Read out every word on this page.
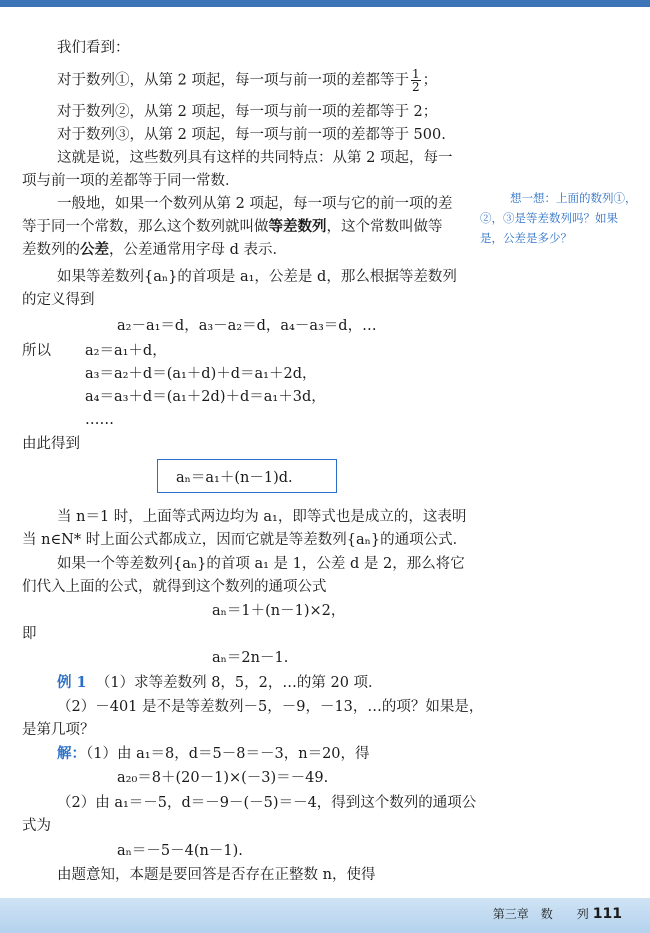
我们看到：
对于数列①，从第 2 项起，每一项与前一项的差都等于 $\frac{1}{2}$ ；
对于数列②，从第 2 项起，每一项与前一项的差都等于 2；
对于数列③，从第 2 项起，每一项与前一项的差都等于 500.
这就是说，这些数列具有这样的共同特点：从第 2 项起，每一
项与前一项的差都等于同一常数．
一般地，如果一个数列从第 2 项起，每一项与它的前一项的差
等于同一个常数，那么这个数列就叫做等差数列，这个常数叫做等
差数列的公差，公差通常用字母 d 表示．
如果等差数列{aₙ}的首项是 a₁，公差是 d，那么根据等差数列
的定义得到
a₂－a₁＝d，a₃－a₂＝d，a₄－a₃＝d，…
所以 a₂＝a₁＋d，
a₃＝a₂＋d＝(a₁＋d)＋d＝a₁＋2d，
a₄＝a₃＋d＝(a₁＋2d)＋d＝a₁＋3d，
……
由此得到
aₙ＝a₁＋(n－1)d.
当 n＝1 时，上面等式两边均为 a₁，即等式也是成立的，这表明
当 n∈N* 时上面公式都成立，因而它就是等差数列{aₙ}的通项公式．
如果一个等差数列{aₙ}的首项 a₁ 是 1，公差 d 是 2，那么将它
们代入上面的公式，就得到这个数列的通项公式
aₙ＝1＋(n－1)×2，
即
aₙ＝2n－1.
例 1 （1）求等差数列 8，5，2，…的第 20 项．
（2）－401 是不是等差数列－5，－9，－13，…的项？如果是，
是第几项？
解：（1）由 a₁＝8，d＝5－8＝－3，n＝20，得
a₂₀＝8＋(20－1)×(－3)＝－49.
（2）由 a₁＝－5，d＝－9－(－5)＝－4，得到这个数列的通项公
式为
aₙ＝－5－4(n－1).
由题意知，本题是要回答是否存在正整数 n，使得
想一想：上面的数列①，
②，③是等差数列吗？如果
是，公差是多少？
第三章　数　　列 111
